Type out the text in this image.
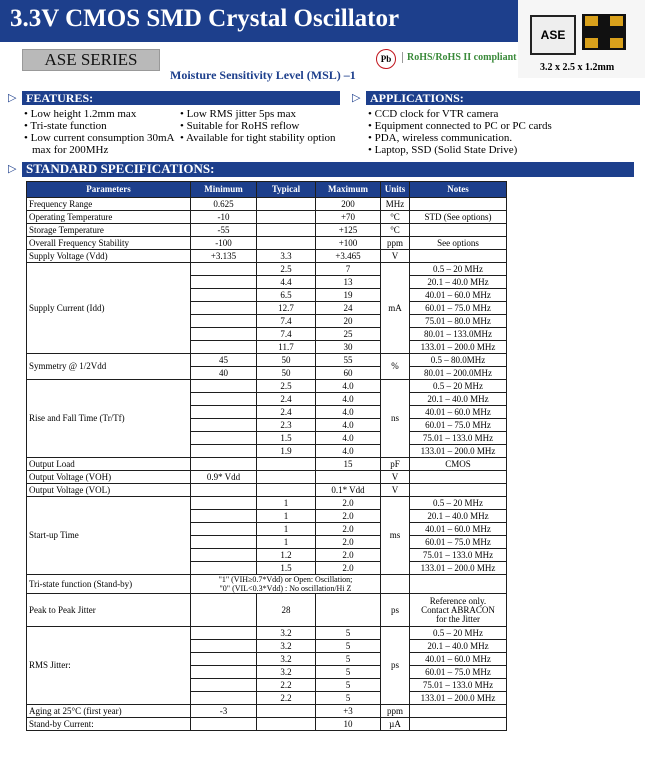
3.3V CMOS SMD Crystal Oscillator
ASE SERIES
Moisture Sensitivity Level (MSL) –1
Pb	RoHS/RoHS II compliant
ASE
3.2 x 2.5 x 1.2mm
▷ FEATURES:	▷ APPLICATIONS:
• Low height 1.2mm max
• Tri-state function
• Low current consumption 30mA max for 200MHz
• Low RMS jitter 5ps max
• Suitable for RoHS reflow
• Available for tight stability option
• CCD clock for VTR camera
• Equipment connected to PC or PC cards
• PDA, wireless communication.
• Laptop, SSD (Solid State Drive)
▷ STANDARD SPECIFICATIONS:
Parameters	Minimum	Typical	Maximum	Units	Notes
Frequency Range	0.625		200	MHz	
Operating Temperature	-10		+70	°C	STD (See options)
Storage Temperature	-55		+125	°C	
Overall Frequency Stability	-100		+100	ppm	See options
Supply Voltage (Vdd)	+3.135	3.3	+3.465	V	
Supply Current (Idd)		2.5	7	mA	0.5 – 20 MHz
		4.4	13		20.1 – 40.0 MHz
		6.5	19		40.01 – 60.0 MHz
		12.7	24		60.01 – 75.0 MHz
		7.4	20		75.01 – 80.0 MHz
		7.4	25		80.01 – 133.0MHz
		11.7	30		133.01 – 200.0 MHz
Symmetry @ 1/2Vdd	45	50	55	%	0.5 – 80.0MHz
	40	50	60		80.01 – 200.0MHz
Rise and Fall Time (Tr/Tf)		2.5	4.0	ns	0.5 – 20 MHz
		2.4	4.0		20.1 – 40.0 MHz
		2.4	4.0		40.01 – 60.0 MHz
		2.3	4.0		60.01 – 75.0 MHz
		1.5	4.0		75.01 – 133.0 MHz
		1.9	4.0		133.01 – 200.0 MHz
Output Load			15	pF	CMOS
Output Voltage (VOH)	0.9* Vdd			V	
Output Voltage (VOL)			0.1* Vdd	V	
Start-up Time		1	2.0	ms	0.5 – 20 MHz
		1	2.0		20.1 – 40.0 MHz
		1	2.0		40.01 – 60.0 MHz
		1	2.0		60.01 – 75.0 MHz
		1.2	2.0		75.01 – 133.0 MHz
		1.5	2.0		133.01 – 200.0 MHz
Tri-state function (Stand-by)	"1" (VIH≥0.7*Vdd) or Open: Oscillation;
"0" (VIL<0.3*Vdd) : No oscillation/Hi Z				
Peak to Peak Jitter		28		ps	Reference only.
Contact ABRACON
for the Jitter
RMS Jitter:		3.2	5	ps	0.5 – 20 MHz
		3.2	5		20.1 – 40.0 MHz
		3.2	5		40.01 – 60.0 MHz
		3.2	5		60.01 – 75.0 MHz
		2.2	5		75.01 – 133.0 MHz
		2.2	5		133.01 – 200.0 MHz
Aging at 25°C (first year)	-3		+3	ppm	
Stand-by Current:			10	µA	
